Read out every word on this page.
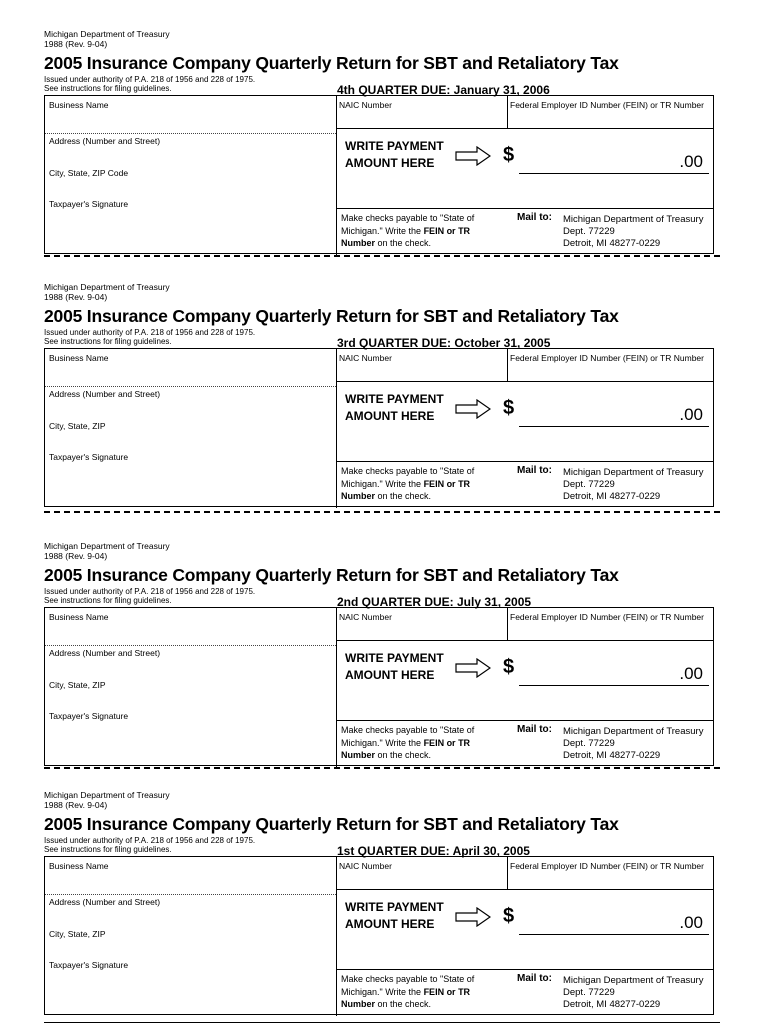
Michigan Department of Treasury
1988 (Rev. 9-04)
2005 Insurance Company Quarterly Return for SBT and Retaliatory Tax
Issued under authority of P.A. 218 of 1956 and 228 of 1975.
See instructions for filing guidelines.	4th QUARTER DUE: January 31, 2006
Business Name	NAIC Number	Federal Employer ID Number (FEIN) or TR Number
Address (Number and Street)
City, State, ZIP Code
Taxpayer's Signature
WRITE PAYMENT
AMOUNT HERE	$	.00
Make checks payable to "State of
Michigan." Write the FEIN or TR
Number on the check.
Mail to: Michigan Department of Treasury
Dept. 77229
Detroit, MI 48277-0229
Michigan Department of Treasury
1988 (Rev. 9-04)
2005 Insurance Company Quarterly Return for SBT and Retaliatory Tax
Issued under authority of P.A. 218 of 1956 and 228 of 1975.
See instructions for filing guidelines.	3rd QUARTER DUE: October 31, 2005
Business Name	NAIC Number	Federal Employer ID Number (FEIN) or TR Number
Address (Number and Street)
City, State, ZIP
Taxpayer's Signature
WRITE PAYMENT
AMOUNT HERE	$	.00
Make checks payable to "State of
Michigan." Write the FEIN or TR
Number on the check.
Mail to: Michigan Department of Treasury
Dept. 77229
Detroit, MI 48277-0229
Michigan Department of Treasury
1988 (Rev. 9-04)
2005 Insurance Company Quarterly Return for SBT and Retaliatory Tax
Issued under authority of P.A. 218 of 1956 and 228 of 1975.
See instructions for filing guidelines.	2nd QUARTER DUE: July 31, 2005
Business Name	NAIC Number	Federal Employer ID Number (FEIN) or TR Number
Address (Number and Street)
City, State, ZIP
Taxpayer's Signature
WRITE PAYMENT
AMOUNT HERE	$	.00
Make checks payable to "State of
Michigan." Write the FEIN or TR
Number on the check.
Mail to: Michigan Department of Treasury
Dept. 77229
Detroit, MI 48277-0229
Michigan Department of Treasury
1988 (Rev. 9-04)
2005 Insurance Company Quarterly Return for SBT and Retaliatory Tax
Issued under authority of P.A. 218 of 1956 and 228 of 1975.
See instructions for filing guidelines.	1st QUARTER DUE: April 30, 2005
Business Name	NAIC Number	Federal Employer ID Number (FEIN) or TR Number
Address (Number and Street)
City, State, ZIP
Taxpayer's Signature
WRITE PAYMENT
AMOUNT HERE	$	.00
Make checks payable to "State of
Michigan." Write the FEIN or TR
Number on the check.
Mail to: Michigan Department of Treasury
Dept. 77229
Detroit, MI 48277-0229
